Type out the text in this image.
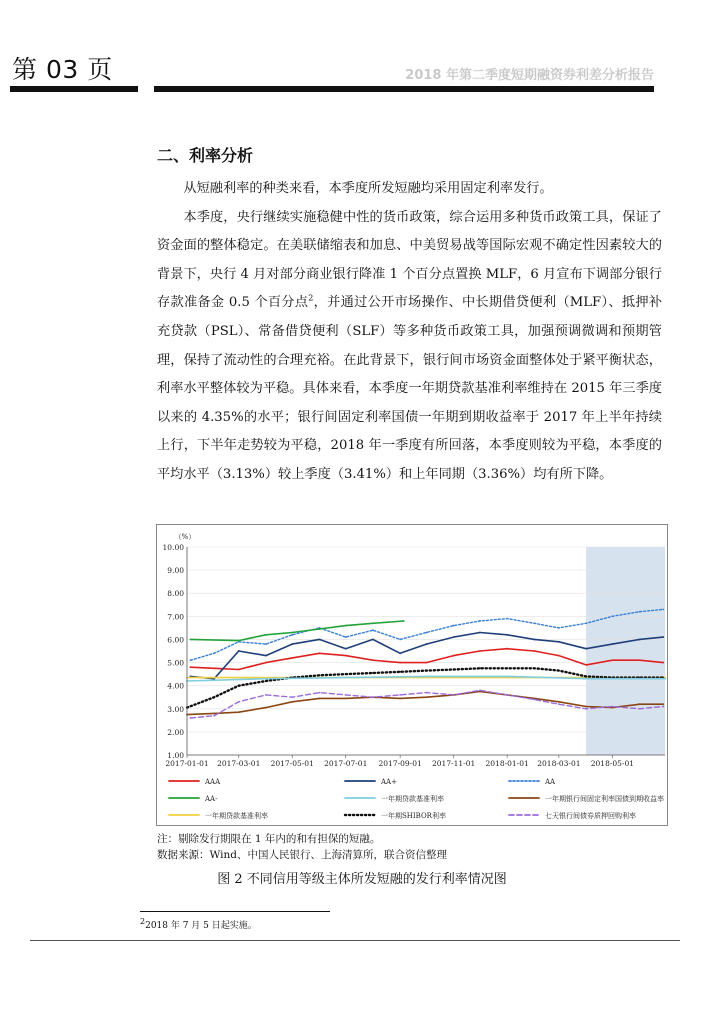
第 03 页	2018 年第二季度短期融资券利差分析报告
二、利率分析

从短融利率的种类来看，本季度所发短融均采用固定利率发行。

本季度，央行继续实施稳健中性的货币政策，综合运用多种货币政策工具，保证了资金面的整体稳定。在美联储缩表和加息、中美贸易战等国际宏观不确定性因素较大的背景下，央行 4 月对部分商业银行降准 1 个百分点置换 MLF，6 月宣布下调部分银行存款准备金 0.5 个百分点$^2$，并通过公开市场操作、中长期借贷便利（MLF）、抵押补充贷款（PSL）、常备借贷便利（SLF）等多种货币政策工具，加强预调微调和预期管理，保持了流动性的合理充裕。在此背景下，银行间市场资金面整体处于紧平衡状态，利率水平整体较为平稳。具体来看，本季度一年期贷款基准利率维持在 2015 年三季度以来的 4.35%的水平；银行间固定利率国债一年期到期收益率于 2017 年上半年持续上行，下半年走势较为平稳，2018 年一季度有所回落，本季度则较为平稳，本季度的平均水平（3.13%）较上季度（3.41%）和上年同期（3.36%）均有所下降。

10.00
9.00
8.00
7.00
6.00
5.00
4.00
3.00
2.00
1.00
（%）
2017-01-01 2017-03-01 2017-05-01 2017-07-01 2017-09-01 2017-11-01 2018-01-01 2018-03-01 2018-05-01
AAA	AA+	AA
AA-	一年期贷款基准利率	一年期银行间固定利率国债到期收益率
一年期贷款基准利率	一年期SHIBOR利率	七天银行间债券质押回购利率
注：剔除发行期限在 1 年内的和有担保的短融。
数据来源：Wind、中国人民银行、上海清算所，联合资信整理
图 2 不同信用等级主体所发短融的发行利率情况图
$^2$2018 年 7 月 5 日起实施。
